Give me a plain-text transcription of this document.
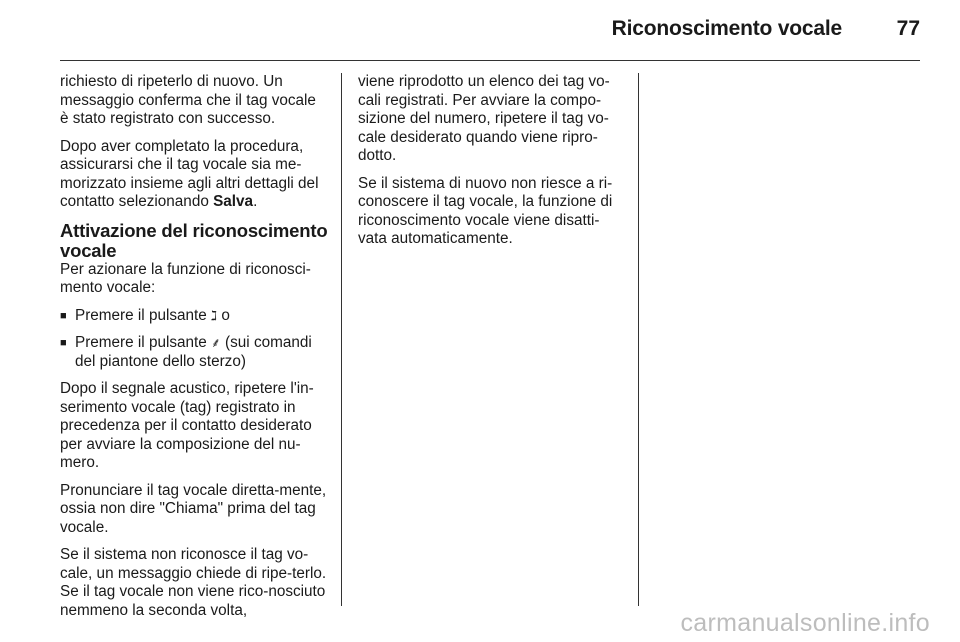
Riconoscimento vocale	77

richiesto di ripeterlo di nuovo. Un messaggio conferma che il tag vocale è stato registrato con successo.

Dopo aver completato la procedura, assicurarsi che il tag vocale sia me-morizzato insieme agli altri dettagli del contatto selezionando Salva.

Attivazione del riconoscimento vocale

Per azionare la funzione di riconosci-mento vocale:

■ Premere il pulsante ℷ o
■ Premere il pulsante ⸙ (sui comandi del piantone dello sterzo)

Dopo il segnale acustico, ripetere l'in-serimento vocale (tag) registrato in precedenza per il contatto desiderato per avviare la composizione del nu-mero.

Pronunciare il tag vocale diretta-mente, ossia non dire "Chiama" prima del tag vocale.

Se il sistema non riconosce il tag vo-cale, un messaggio chiede di ripe-terlo. Se il tag vocale non viene rico-nosciuto nemmeno la seconda volta,

viene riprodotto un elenco dei tag vo-cali registrati. Per avviare la compo-sizione del numero, ripetere il tag vo-cale desiderato quando viene ripro-dotto.

Se il sistema di nuovo non riesce a ri-conoscere il tag vocale, la funzione di riconoscimento vocale viene disatti-vata automaticamente.

carmanualsonline.info
